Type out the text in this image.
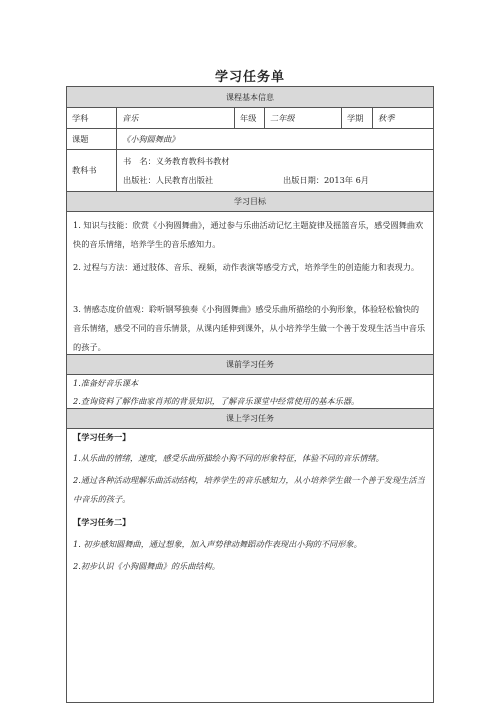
学习任务单
课程基本信息
学科	音乐	年级	二年级	学期	秋季
课题	《小狗圆舞曲》
教科书
书　名：义务教育教科书教材
出版社：人民教育出版社	出版日期：2013年 6月
学习目标
1. 知识与技能：欣赏《小狗圆舞曲》，通过参与乐曲活动记忆主题旋律及摇篮音乐，感受圆舞曲欢快的音乐情绪，培养学生的音乐感知力。
2. 过程与方法：通过肢体、音乐、视频，动作表演等感受方式，培养学生的创造能力和表现力。
3. 情感态度价值观：聆听钢琴独奏《小狗圆舞曲》感受乐曲所描绘的小狗形象，体验轻松愉快的音乐情绪，感受不同的音乐情景，从课内延伸到课外，从小培养学生做一个善于发现生活当中音乐的孩子。
课前学习任务
1.准备好音乐课本
2.查询资料了解作曲家肖邦的背景知识，了解音乐课堂中经常使用的基本乐器。
课上学习任务
【学习任务一】
1.从乐曲的情绪，速度，感受乐曲所描绘小狗不同的形象特征，体验不同的音乐情绪。
2.通过各种活动理解乐曲活动结构，培养学生的音乐感知力，从小培养学生做一个善于发现生活当中音乐的孩子。
【学习任务二】
1. 初步感知圆舞曲，通过想象，加入声势律动舞蹈动作表现出小狗的不同形象。
2.初步认识《小狗圆舞曲》的乐曲结构。
